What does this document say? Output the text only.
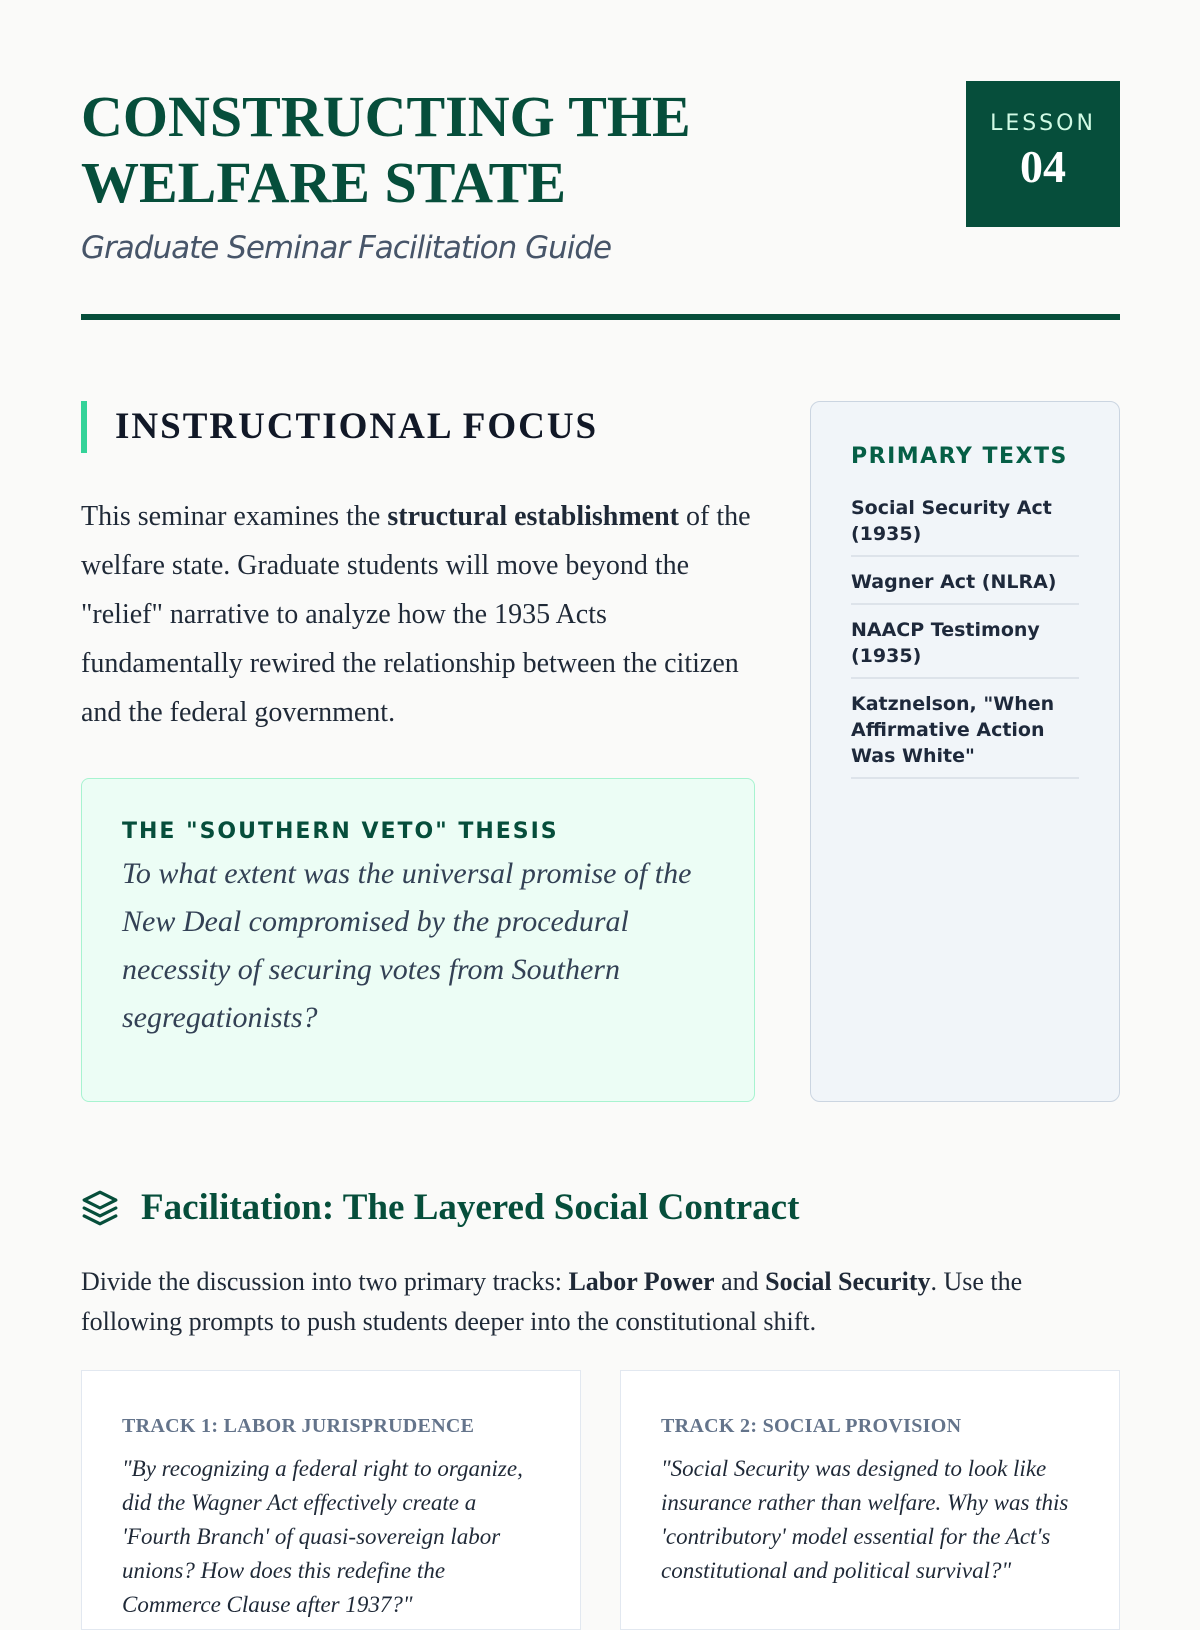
CONSTRUCTING THE WELFARE STATE
Graduate Seminar Facilitation Guide
LESSON
04
INSTRUCTIONAL FOCUS

This seminar examines the structural establishment of the welfare state. Graduate students will move beyond the "relief" narrative to analyze how the 1935 Acts fundamentally rewired the relationship between the citizen and the federal government.

THE "SOUTHERN VETO" THESIS
To what extent was the universal promise of the New Deal compromised by the procedural necessity of securing votes from Southern segregationists?
PRIMARY TEXTS
Social Security Act (1935)
Wagner Act (NLRA)
NAACP Testimony (1935)
Katznelson, "When Affirmative Action Was White"
Facilitation: The Layered Social Contract

Divide the discussion into two primary tracks: Labor Power and Social Security. Use the following prompts to push students deeper into the constitutional shift.

TRACK 1: LABOR JURISPRUDENCE
"By recognizing a federal right to organize, did the Wagner Act effectively create a 'Fourth Branch' of quasi-sovereign labor unions? How does this redefine the Commerce Clause after 1937?"
TRACK 2: SOCIAL PROVISION
"Social Security was designed to look like insurance rather than welfare. Why was this 'contributory' model essential for the Act's constitutional and political survival?"
